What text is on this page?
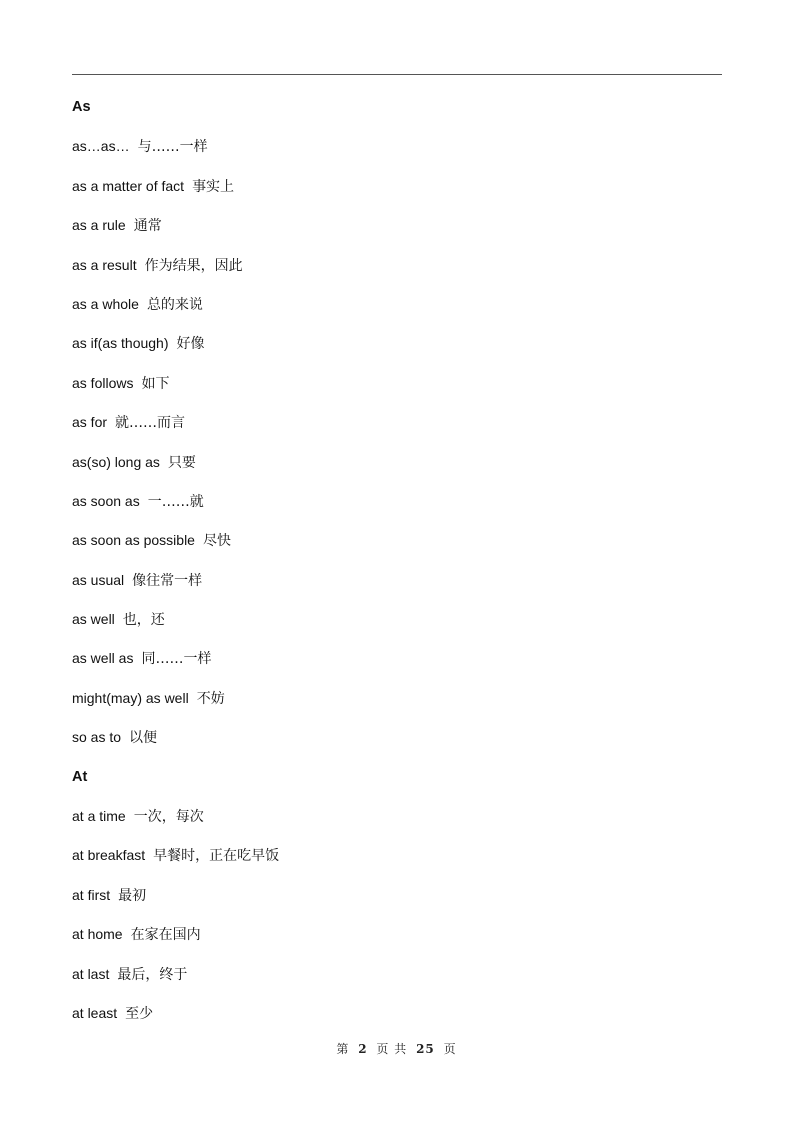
As
as…as… 与……一样
as a matter of fact 事实上
as a rule 通常
as a result 作为结果，因此
as a whole 总的来说
as if(as though) 好像
as follows 如下
as for 就……而言
as(so) long as 只要
as soon as 一……就
as soon as possible 尽快
as usual 像往常一样
as well 也，还
as well as 同……一样
might(may) as well 不妨
so as to 以便
At
at a time 一次，每次
at breakfast 早餐时，正在吃早饭
at first 最初
at home 在家在国内
at last 最后，终于
at least 至少
第 2 页 共 25 页
